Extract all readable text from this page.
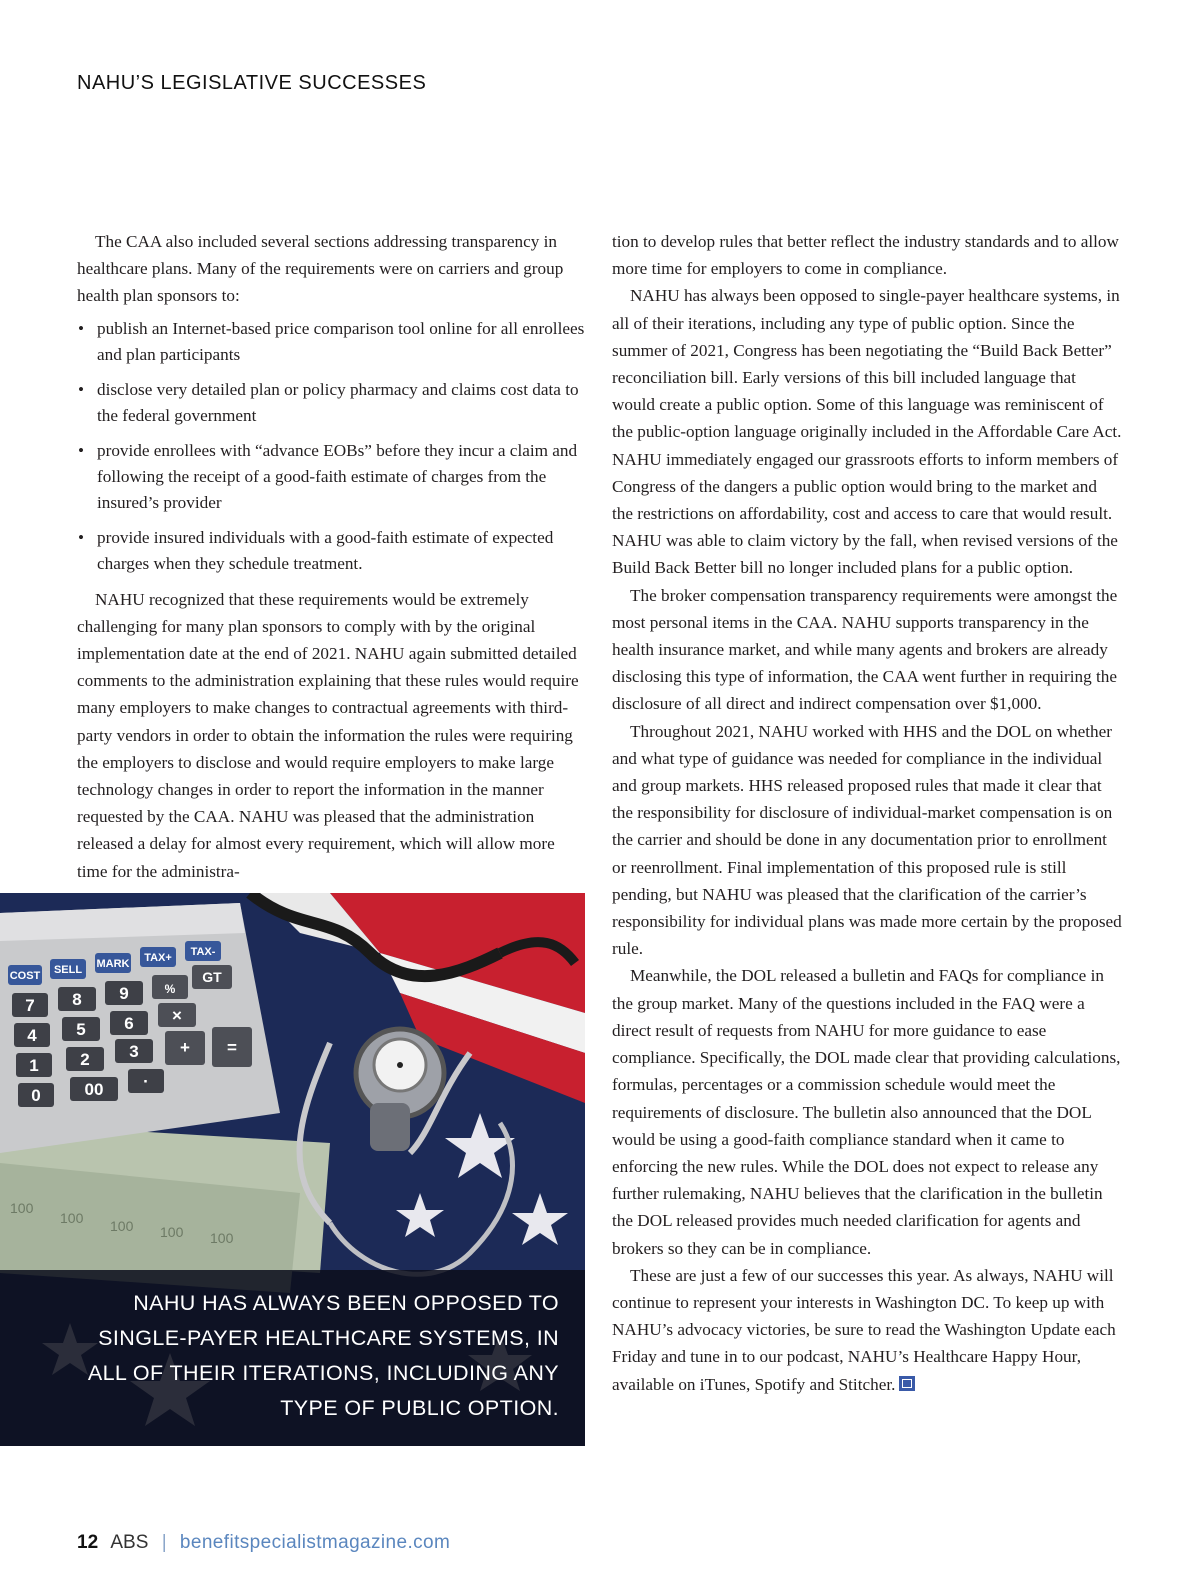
NAHU’S LEGISLATIVE SUCCESSES

The CAA also included several sections addressing transparency in healthcare plans. Many of the requirements were on carriers and group health plan sponsors to:

• publish an Internet-based price comparison tool online for all enrollees and plan participants
• disclose very detailed plan or policy pharmacy and claims cost data to the federal government
• provide enrollees with “advance EOBs” before they incur a claim and following the receipt of a good-faith estimate of charges from the insured’s provider
• provide insured individuals with a good-faith estimate of expected charges when they schedule treatment.

NAHU recognized that these requirements would be extremely challenging for many plan sponsors to comply with by the original implementation date at the end of 2021. NAHU again submitted detailed comments to the administration explaining that these rules would require many employers to make changes to contractual agreements with third-party vendors in order to obtain the information the rules were requiring the employers to disclose and would require employers to make large technology changes in order to report the information in the manner requested by the CAA. NAHU was pleased that the administration released a delay for almost every requirement, which will allow more time for the administra-

100
100 100 100 100
COST SELL MARK TAX+ TAX-
GT
7 8 9	%
4 5 6 ×
1 2 3 +
0	00 ·
=
NAHU HAS ALWAYS BEEN OPPOSED TO
SINGLE-PAYER HEALTHCARE SYSTEMS, IN
ALL OF THEIR ITERATIONS, INCLUDING ANY
TYPE OF PUBLIC OPTION.

tion to develop rules that better reflect the industry standards and to allow more time for employers to come in compliance.

NAHU has always been opposed to single-payer healthcare systems, in all of their iterations, including any type of public option. Since the summer of 2021, Congress has been negotiating the “Build Back Better” reconciliation bill. Early versions of this bill included language that would create a public option. Some of this language was reminiscent of the public-option language originally included in the Affordable Care Act. NAHU immediately engaged our grassroots efforts to inform members of Congress of the dangers a public option would bring to the market and the restrictions on affordability, cost and access to care that would result. NAHU was able to claim victory by the fall, when revised versions of the Build Back Better bill no longer included plans for a public option.

The broker compensation transparency requirements were amongst the most personal items in the CAA. NAHU supports transparency in the health insurance market, and while many agents and brokers are already disclosing this type of information, the CAA went further in requiring the disclosure of all direct and indirect compensation over $1,000.

Throughout 2021, NAHU worked with HHS and the DOL on whether and what type of guidance was needed for compliance in the individual and group markets. HHS released proposed rules that made it clear that the responsibility for disclosure of individual-market compensation is on the carrier and should be done in any documentation prior to enrollment or reenrollment. Final implementation of this proposed rule is still pending, but NAHU was pleased that the clarification of the carrier’s responsibility for individual plans was made more certain by the proposed rule.

Meanwhile, the DOL released a bulletin and FAQs for compliance in the group market. Many of the questions included in the FAQ were a direct result of requests from NAHU for more guidance to ease compliance. Specifically, the DOL made clear that providing calculations, formulas, percentages or a commission schedule would meet the requirements of disclosure. The bulletin also announced that the DOL would be using a good-faith compliance standard when it came to enforcing the new rules. While the DOL does not expect to release any further rulemaking, NAHU believes that the clarification in the bulletin the DOL released provides much needed clarification for agents and brokers so they can be in compliance.

These are just a few of our successes this year. As always, NAHU will continue to represent your interests in Washington DC. To keep up with NAHU’s advocacy victories, be sure to read the Washington Update each Friday and tune in to our podcast, NAHU’s Healthcare Happy Hour, available on iTunes, Spotify and Stitcher.

12 ABS | benefitspecialistmagazine.com
